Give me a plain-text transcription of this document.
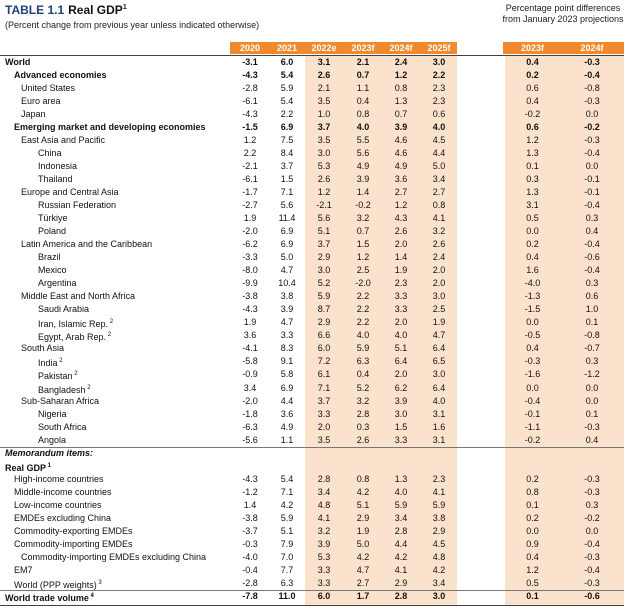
TABLE 1.1 Real GDP$^1$
(Percent change from previous year unless indicated otherwise)
Percentage point differences from January 2023 projections
2020	2021	2022e	2023f	2024f	2025f	2023f	2024f
World	-3.1	6.0	3.1	2.1	2.4	3.0	0.4	-0.3
Advanced economies	-4.3	5.4	2.6	0.7	1.2	2.2	0.2	-0.4
United States	-2.8	5.9	2.1	1.1	0.8	2.3	0.6	-0.8
Euro area	-6.1	5.4	3.5	0.4	1.3	2.3	0.4	-0.3
Japan	-4.3	2.2	1.0	0.8	0.7	0.6	-0.2	0.0
Emerging market and developing economies	-1.5	6.9	3.7	4.0	3.9	4.0	0.6	-0.2
East Asia and Pacific	1.2	7.5	3.5	5.5	4.6	4.5	1.2	-0.3
China	2.2	8.4	3.0	5.6	4.6	4.4	1.3	-0.4
Indonesia	-2.1	3.7	5.3	4.9	4.9	5.0	0.1	0.0
Thailand	-6.1	1.5	2.6	3.9	3.6	3.4	0.3	-0.1
Europe and Central Asia	-1.7	7.1	1.2	1.4	2.7	2.7	1.3	-0.1
Russian Federation	-2.7	5.6	-2.1	-0.2	1.2	0.8	3.1	-0.4
Türkiye	1.9	11.4	5.6	3.2	4.3	4.1	0.5	0.3
Poland	-2.0	6.9	5.1	0.7	2.6	3.2	0.0	0.4
Latin America and the Caribbean	-6.2	6.9	3.7	1.5	2.0	2.6	0.2	-0.4
Brazil	-3.3	5.0	2.9	1.2	1.4	2.4	0.4	-0.6
Mexico	-8.0	4.7	3.0	2.5	1.9	2.0	1.6	-0.4
Argentina	-9.9	10.4	5.2	-2.0	2.3	2.0	-4.0	0.3
Middle East and North Africa	-3.8	3.8	5.9	2.2	3.3	3.0	-1.3	0.6
Saudi Arabia	-4.3	3.9	8.7	2.2	3.3	2.5	-1.5	1.0
Iran, Islamic Rep. $^2$	1.9	4.7	2.9	2.2	2.0	1.9	0.0	0.1
Egypt, Arab Rep. $^2$	3.6	3.3	6.6	4.0	4.0	4.7	-0.5	-0.8
South Asia	-4.1	8.3	6.0	5.9	5.1	6.4	0.4	-0.7
India $^2$	-5.8	9.1	7.2	6.3	6.4	6.5	-0.3	0.3
Pakistan $^2$	-0.9	5.8	6.1	0.4	2.0	3.0	-1.6	-1.2
Bangladesh $^2$	3.4	6.9	7.1	5.2	6.2	6.4	0.0	0.0
Sub-Saharan Africa	-2.0	4.4	3.7	3.2	3.9	4.0	-0.4	0.0
Nigeria	-1.8	3.6	3.3	2.8	3.0	3.1	-0.1	0.1
South Africa	-6.3	4.9	2.0	0.3	1.5	1.6	-1.1	-0.3
Angola	-5.6	1.1	3.5	2.6	3.3	3.1	-0.2	0.4
Memorandum items:
Real GDP $^1$
High-income countries	-4.3	5.4	2.8	0.8	1.3	2.3	0.2	-0.3
Middle-income countries	-1.2	7.1	3.4	4.2	4.0	4.1	0.8	-0.3
Low-income countries	1.4	4.2	4.8	5.1	5.9	5.9	0.1	0.3
EMDEs excluding China	-3.8	5.9	4.1	2.9	3.4	3.8	0.2	-0.2
Commodity-exporting EMDEs	-3.7	5.1	3.2	1.9	2.8	2.9	0.0	0.0
Commodity-importing EMDEs	-0.3	7.9	3.9	5.0	4.4	4.5	0.9	-0.4
Commodity-importing EMDEs excluding China	-4.0	7.0	5.3	4.2	4.2	4.8	0.4	-0.3
EM7	-0.4	7.7	3.3	4.7	4.1	4.2	1.2	-0.4
World (PPP weights) $^3$	-2.8	6.3	3.3	2.7	2.9	3.4	0.5	-0.3
World trade volume $^4$	-7.8	11.0	6.0	1.7	2.8	3.0	0.1	-0.6
